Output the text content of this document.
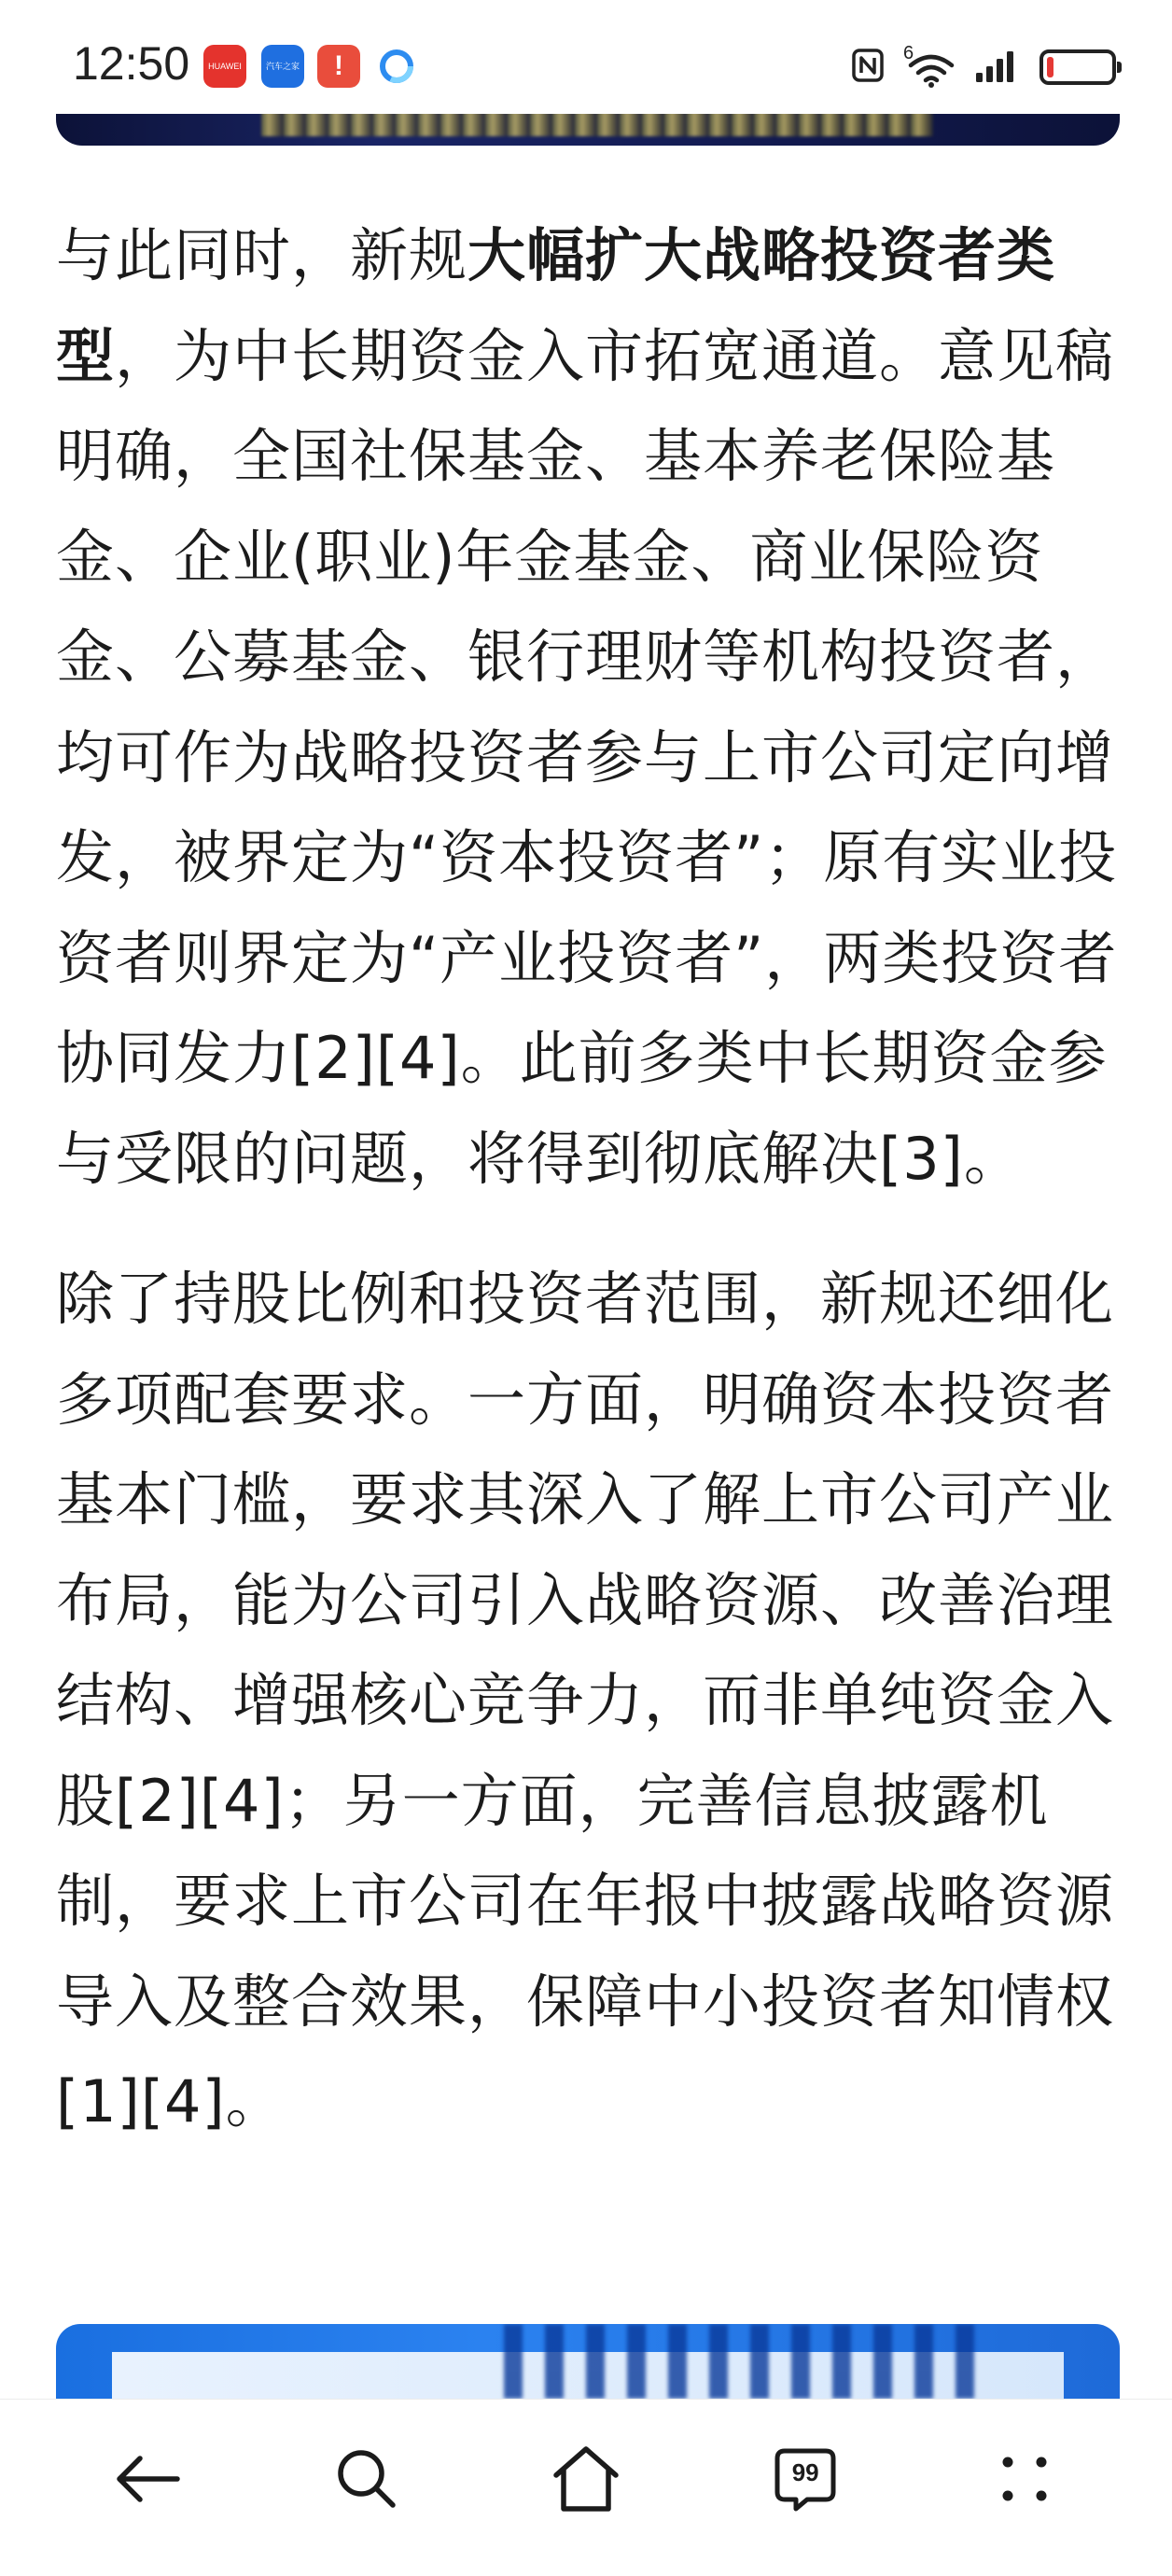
12:50 HUAWEI	汽车之家 !	6

与此同时，新规大幅扩大战略投资者类型，为中长期资金入市拓宽通道。意见稿明确，全国社保基金、基本养老保险基金、企业(职业)年金基金、商业保险资金、公募基金、银行理财等机构投资者，均可作为战略投资者参与上市公司定向增发，被界定为“资本投资者”；原有实业投资者则界定为“产业投资者”，两类投资者协同发力[2][4]。此前多类中长期资金参与受限的问题，将得到彻底解决[3]。

除了持股比例和投资者范围，新规还细化多项配套要求。一方面，明确资本投资者基本门槛，要求其深入了解上市公司产业布局，能为公司引入战略资源、改善治理结构、增强核心竞争力，而非单纯资金入股[2][4]；另一方面，完善信息披露机制，要求上市公司在年报中披露战略资源导入及整合效果，保障中小投资者知情权[1][4]。

99
